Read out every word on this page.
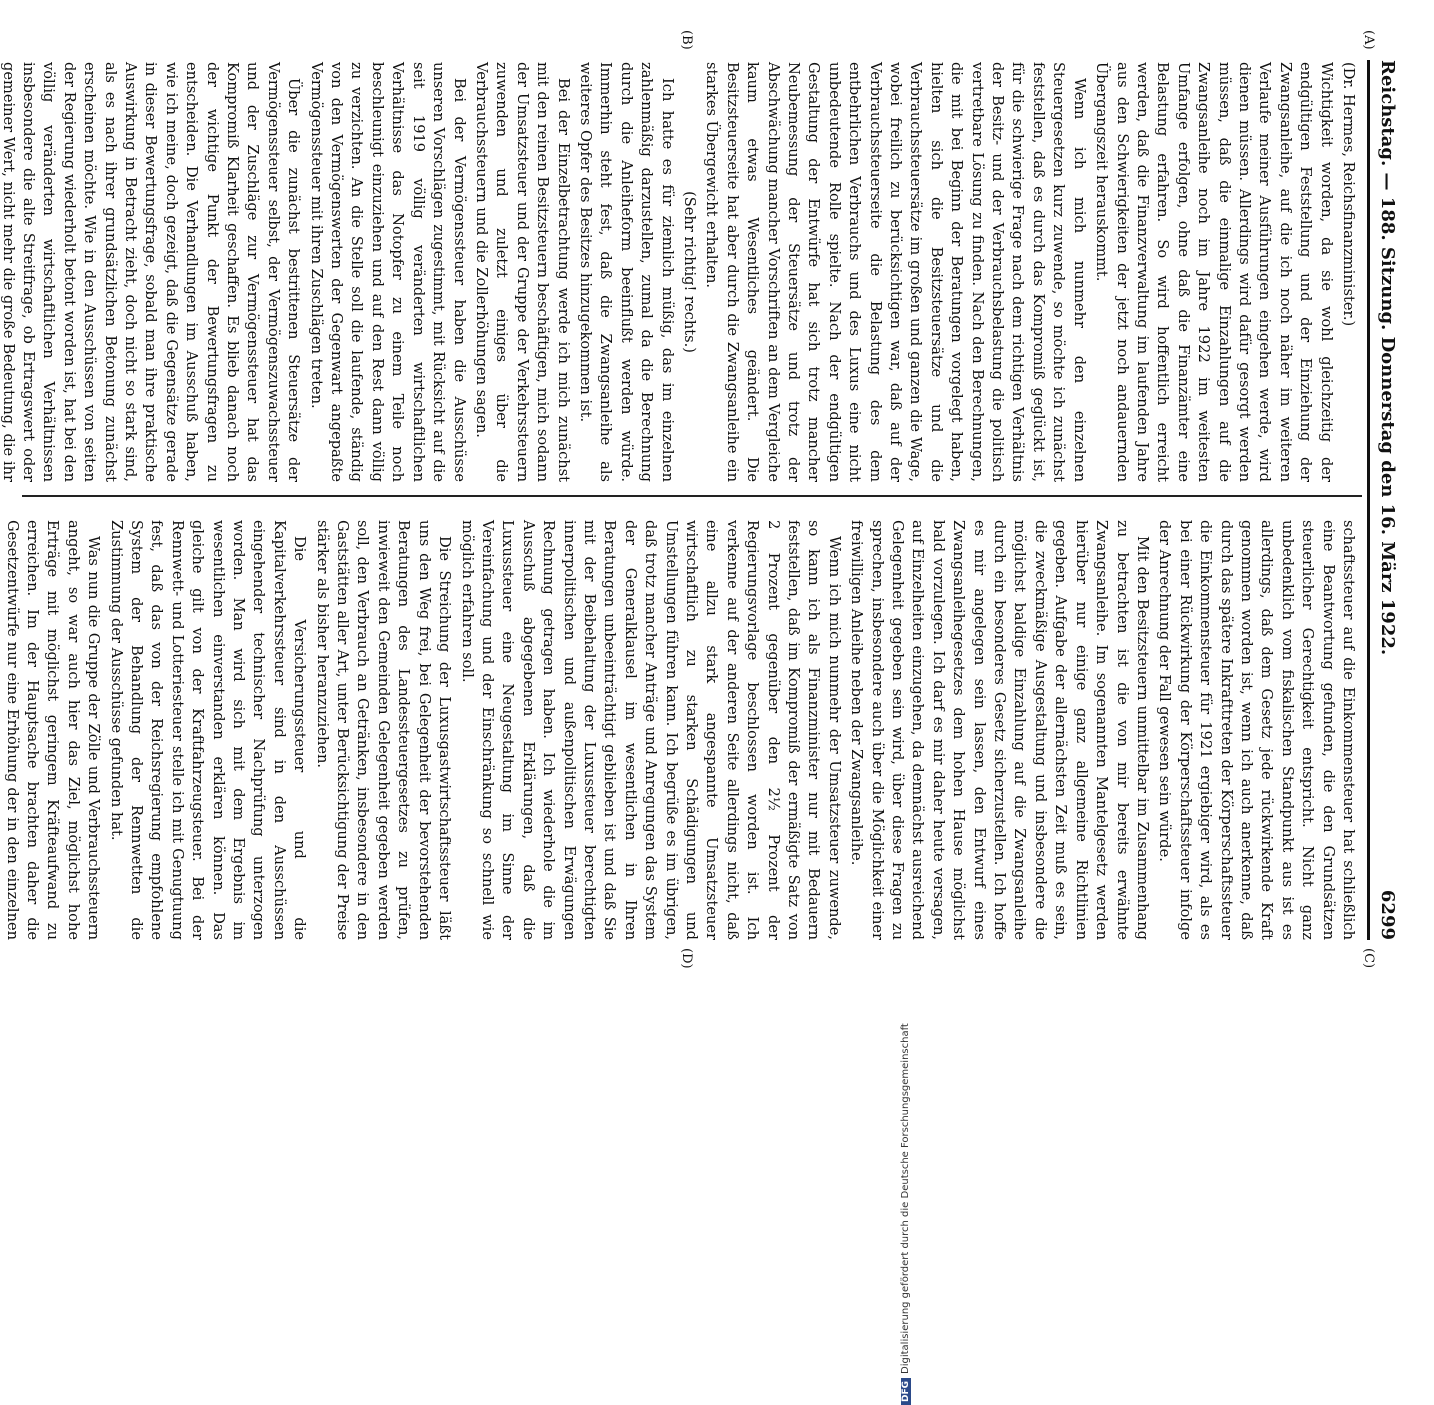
Reichstag. — 188. Sitzung. Donnerstag den 16. März 1922.
6299
(A)
(B)
(C)
(D)

(Dr. Hermes, Reichsfinanzminister.)

Wichtigkeit worden, da sie wohl gleichzeitig der endgültigen Feststellung und der Einziehung der Zwangsanleihe, auf die ich noch näher im weiteren Verlaufe meiner Ausführungen eingehen werde, wird dienen müssen. Allerdings wird dafür gesorgt werden müssen, daß die einmalige Einzahlungen auf die Zwangsanleihe noch im Jahre 1922 im weitesten Umfange erfolgen, ohne daß die Finanzämter eine Belastung erfahren. So wird hoffentlich erreicht werden, daß die Finanzverwaltung im laufenden Jahre aus den Schwierigkeiten der jetzt noch andauernden Übergangszeit herauskommt.

Wenn ich mich nunmehr den einzelnen Steuergesetzen kurz zuwende, so möchte ich zunächst feststellen, daß es durch das Kompromiß geglückt ist, für die schwierige Frage nach dem richtigen Verhältnis der Besitz- und der Verbrauchsbelastung die politisch vertretbare Lösung zu finden. Nach den Berechnungen, die mit bei Beginn der Beratungen vorgelegt haben, hielten sich die Besitzsteuersätze und die Verbrauchssteuersätze im großen und ganzen die Wage, wobei freilich zu berücksichtigen war, daß auf der Verbrauchssteuerseite die Belastung des dem entbehrlichen Verbrauchs und des Luxus eine nicht unbedeutende Rolle spielte. Nach der endgültigen Gestaltung der Entwürfe hat sich trotz mancher Neubemessung der Steuersätze und trotz der Abschwächung mancher Vorschriften an dem Vergleiche kaum etwas Wesentliches geändert. Die Besitzsteuerseite hat aber durch die Zwangsanleihe ein starkes Übergewicht erhalten.

(Sehr richtig! rechts.)

Ich hatte es für ziemlich müßig, das im einzelnen zahlenmäßig darzustellen, zumal da die Berechnung durch die Anleiheform beeinflußt werden würde. Immerhin steht fest, daß die Zwangsanleihe als weiteres Opfer des Besitzes hinzugekommen ist.

Bei der Einzelbetrachtung werde ich mich zunächst mit den reinen Besitzsteuern beschäftigen, mich sodann der Umsatzsteuer und der Gruppe der Verkehrssteuern zuwenden und zuletzt einiges über die Verbrauchssteuern und die Zollerhöhungen sagen.

Bei der Vermögenssteuer haben die Ausschüsse unseren Vorschlägen zugestimmt, mit Rücksicht auf die seit 1919 völlig veränderten wirtschaftlichen Verhältnisse das Notopfer zu einem Teile noch beschleunigt einzuziehen und auf den Rest dann völlig zu verzichten. An die Stelle soll die laufende, ständig von den Vermögenswerten der Gegenwart angepaßte Vermögenssteuer mit ihren Zuschlägen treten.

Über die zunächst bestrittenen Steuersätze der Vermögenssteuer selbst, der Vermögenszuwachssteuer und der Zuschläge zur Vermögenssteuer hat das Kompromiß Klarheit geschaffen. Es blieb danach noch der wichtige Punkt der Bewertungsfragen zu entscheiden. Die Verhandlungen im Ausschuß haben, wie ich meine, doch gezeigt, daß die Gegensätze gerade in dieser Bewertungsfrage, sobald man ihre praktische Auswirkung in Betracht zieht, doch nicht so stark sind, als es nach ihrer grundsätzlichen Betonung zunächst erscheinen möchte. Wie in den Ausschüssen von seiten der Regierung wiederholt betont worden ist, hat bei den völlig veränderten wirtschaftlichen Verhältnissen insbesondere die alte Streitfrage, ob Ertragswert oder gemeiner Wert, nicht mehr die große Bedeutung, die ihr

schaftssteuer auf die Einkommensteuer hat schließlich eine Beantwortung gefunden, die den Grundsätzen steuerlicher Gerechtigkeit entspricht. Nicht ganz unbedenklich vom fiskalischen Standpunkt aus ist es allerdings, daß dem Gesetz jede rückwirkende Kraft genommen worden ist, wenn ich auch anerkenne, daß durch das spätere Inkrafttreten der Körperschaftssteuer die Einkommensteuer für 1921 ergiebiger wird, als es bei einer Rückwirkung der Körperschaftssteuer infolge der Anrechnung der Fall gewesen sein würde.

Mit den Besitzsteuern unmittelbar im Zusammenhang zu betrachten ist die von mir bereits erwähnte Zwangsanleihe. Im sogenannten Mantelgesetz werden hierüber nur einige ganz allgemeine Richtlinien gegeben. Aufgabe der allernächsten Zeit muß es sein, die zweckmäßige Ausgestaltung und insbesondere die möglichst baldige Einzahlung auf die Zwangsanleihe durch ein besonderes Gesetz sicherzustellen. Ich hoffe es mir angelegen sein lassen, den Entwurf eines Zwangsanleihegesetzes dem hohen Hause möglichst bald vorzulegen. Ich darf es mir daher heute versagen, auf Einzelheiten einzugehen, da demnächst ausreichend Gelegenheit gegeben sein wird, über diese Fragen zu sprechen, insbesondere auch über die Möglichkeit einer freiwilligen Anleihe neben der Zwangsanleihe.

Wenn ich mich nunmehr der Umsatzsteuer zuwende, so kann ich als Finanzminister nur mit Bedauern feststellen, daß im Kompromiß der ermäßigte Satz von 2 Prozent gegenüber den 2½ Prozent der Regierungsvorlage beschlossen worden ist. Ich verkenne auf der anderen Seite allerdings nicht, daß eine allzu stark angespannte Umsatzsteuer wirtschaftlich zu starken Schädigungen und Umstellungen führen kann. Ich begrüße es im übrigen, daß trotz mancher Anträge und Anregungen das System der Generalklausel im wesentlichen in Ihren Beratungen unbeeinträchtigt geblieben ist und daß Sie mit der Beibehaltung der Luxussteuer berechtigten innerpolitischen und außenpolitischen Erwägungen Rechnung getragen haben. Ich wiederhole die im Ausschuß abgegebenen Erklärungen, daß die Luxussteuer eine Neugestaltung im Sinne der Vereinfachung und der Einschränkung so schnell wie möglich erfahren soll.

Die Streichung der Luxusgastwirtschaftssteuer läßt uns den Weg frei, bei Gelegenheit der bevorstehenden Beratungen des Landessteuergesetzes zu prüfen, inwieweit den Gemeinden Gelegenheit gegeben werden soll, den Verbrauch an Getränken, insbesondere in den Gaststätten aller Art, unter Berücksichtigung der Preise stärker als bisher heranzuziehen.

Die Versicherungssteuer und die Kapitalverkehrssteuer sind in den Ausschüssen eingehender technischer Nachprüfung unterzogen worden. Man wird sich mit dem Ergebnis im wesentlichen einverstanden erklären können. Das gleiche gilt von der Kraftfahrzeugsteuer. Bei der Rennwett- und Lotteriesteuer stelle ich mit Genugtuung fest, daß das von der Reichsregierung empfohlene System der Behandlung der Rennwetten die Zustimmung der Ausschüsse gefunden hat.

Was nun die Gruppe der Zölle und Verbrauchssteuern angeht, so war auch hier das Ziel, möglichst hohe Erträge mit möglichst geringem Kräfteaufwand zu erreichen. Im der Hauptsache brachten daher die Gesetzentwürfe nur eine Erhöhung der in den einzelnen

DFGDigitalisierung gefördert durch die Deutsche Forschungsgemeinschaft
